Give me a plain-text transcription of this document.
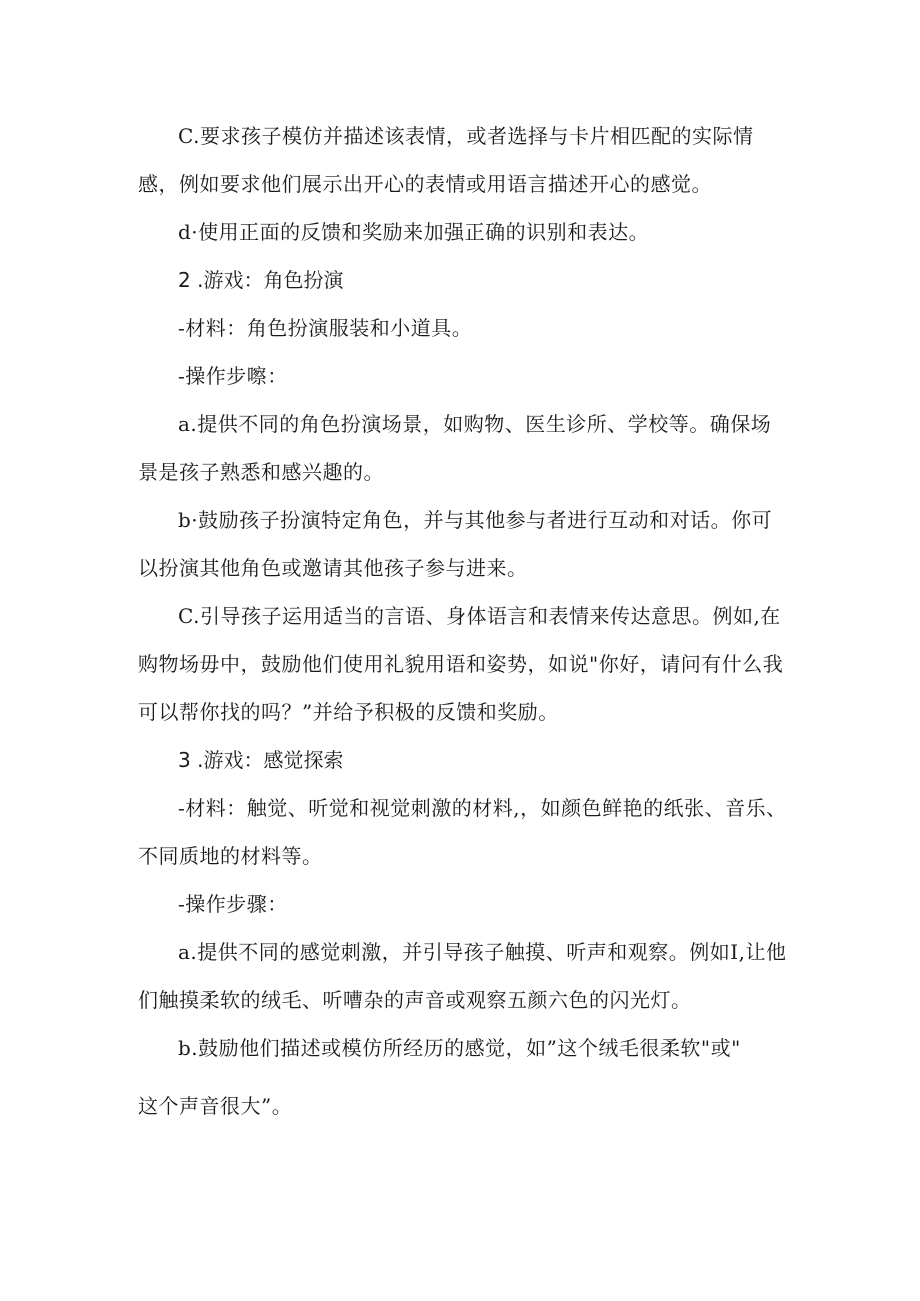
C.要求孩子模仿并描述该表情，或者选择与卡片相匹配的实际情感，例如要求他们展示出开心的表情或用语言描述开心的感觉。

d·使用正面的反馈和奖励来加强正确的识别和表达。

2 .游戏：角色扮演

-材料：角色扮演服装和小道具。

-操作步嚓：

a.提供不同的角色扮演场景，如购物、医生诊所、学校等。确保场景是孩子熟悉和感兴趣的。

b·鼓励孩子扮演特定角色，并与其他参与者进行互动和对话。你可以扮演其他角色或邀请其他孩子参与进来。

C.引导孩子运用适当的言语、身体语言和表情来传达意思。例如,在购物场毋中，鼓励他们使用礼貌用语和姿势，如说"你好，请问有什么我可以帮你找的吗？”并给予积极的反馈和奖励。

3 .游戏：感觉探索

-材料：触觉、听觉和视觉刺激的材料,，如颜色鲜艳的纸张、音乐、不同质地的材料等。

-操作步骤：

a.提供不同的感觉刺激，并引导孩子触摸、听声和观察。例如I,让他们触摸柔软的绒毛、听嘈杂的声音或观察五颜六色的闪光灯。

b.鼓励他们描述或模仿所经历的感觉，如”这个绒毛很柔软"或"

这个声音很大”。
